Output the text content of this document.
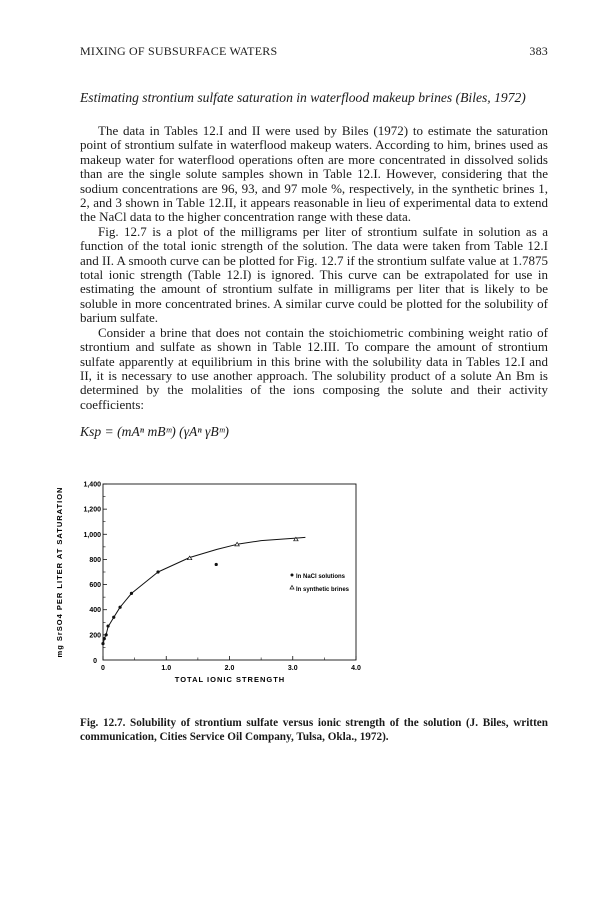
MIXING OF SUBSURFACE WATERS	383
Estimating strontium sulfate saturation in waterflood makeup brines (Biles, 1972)

The data in Tables 12.I and II were used by Biles (1972) to estimate the saturation point of strontium sulfate in waterflood makeup waters. According to him, brines used as makeup water for waterflood operations often are more concentrated in dissolved solids than are the single solute samples shown in Table 12.I. However, considering that the sodium concentrations are 96, 93, and 97 mole %, respectively, in the synthetic brines 1, 2, and 3 shown in Table 12.II, it appears reasonable in lieu of experimental data to extend the NaCl data to the higher concentration range with these data.

Fig. 12.7 is a plot of the milligrams per liter of strontium sulfate in solution as a function of the total ionic strength of the solution. The data were taken from Table 12.I and II. A smooth curve can be plotted for Fig. 12.7 if the strontium sulfate value at 1.7875 total ionic strength (Table 12.I) is ignored. This curve can be extrapolated for use in estimating the amount of strontium sulfate in milligrams per liter that is likely to be soluble in more concentrated brines. A similar curve could be plotted for the solubility of barium sulfate.

Consider a brine that does not contain the stoichiometric combining weight ratio of strontium and sulfate as shown in Table 12.III. To compare the amount of strontium sulfate apparently at equilibrium in this brine with the solubility data in Tables 12.I and II, it is necessary to use another approach. The solubility product of a solute An Bm is determined by the molalities of the ions composing the solute and their activity coefficients:

Ksp = (mAⁿ mBᵐ) (γAⁿ γBᵐ)
0	1.0	2.0	3.0	4.0
0
200
400
600
800
1,000
1,200
1,400
TOTAL IONIC STRENGTH
mg SrSO4 PER LITER AT SATURATION	In NaCl solutions
In synthetic brines
Fig. 12.7. Solubility of strontium sulfate versus ionic strength of the solution (J. Biles, written communication, Cities Service Oil Company, Tulsa, Okla., 1972).
